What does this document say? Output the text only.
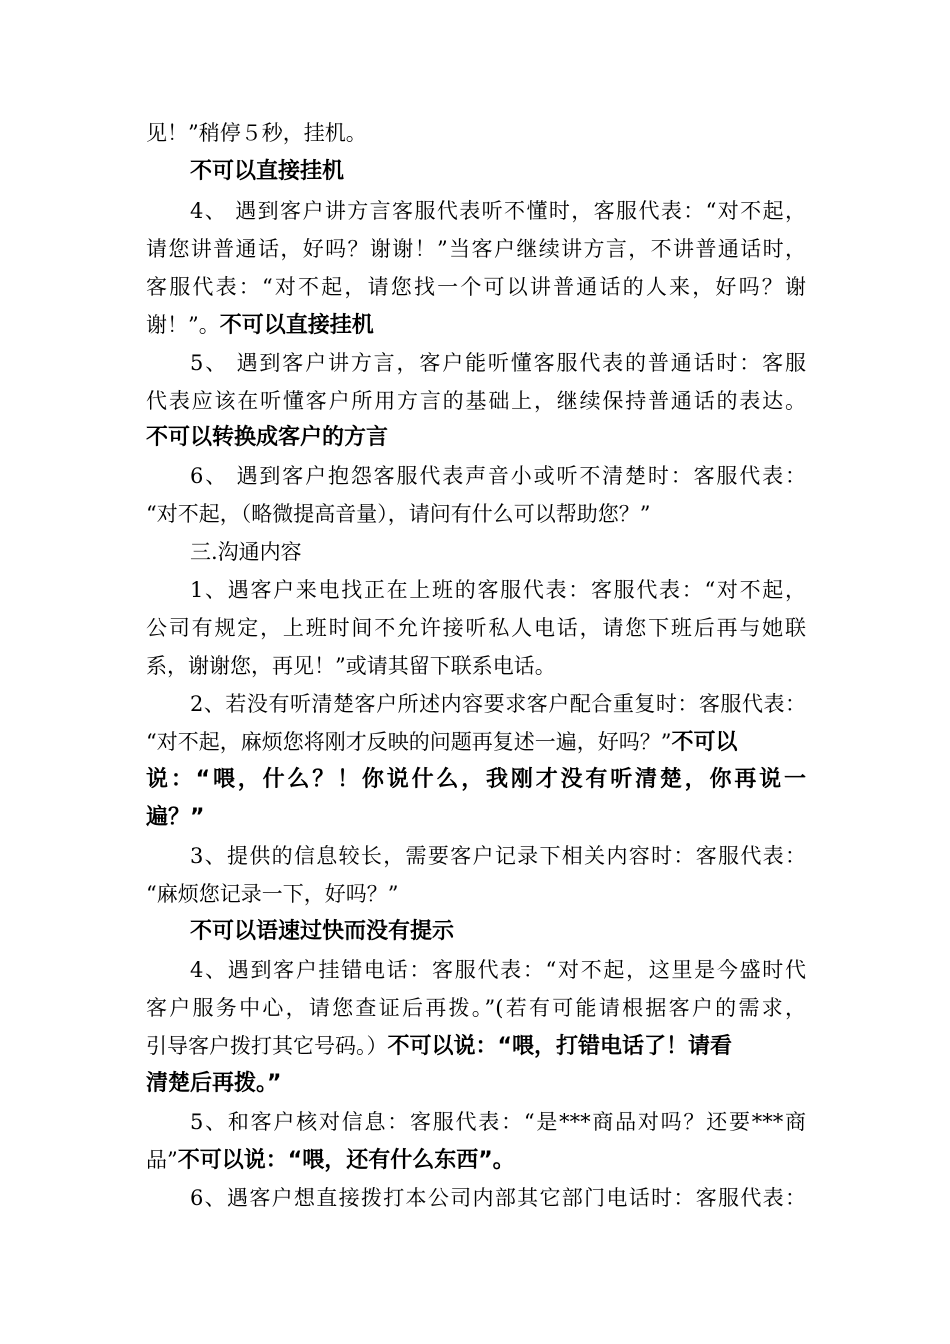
见！”稍停５秒，挂机。
不可以直接挂机
4、 遇到客户讲方言客服代表听不懂时，客服代表：“对不起，
请您讲普通话，好吗？谢谢！”当客户继续讲方言，不讲普通话时，
客服代表：“对不起，请您找一个可以讲普通话的人来，好吗？谢
谢！”。不可以直接挂机
5、 遇到客户讲方言，客户能听懂客服代表的普通话时：客服
代表应该在听懂客户所用方言的基础上，继续保持普通话的表达。
不可以转换成客户的方言
6、 遇到客户抱怨客服代表声音小或听不清楚时：客服代表：
“对不起，（略微提高音量），请问有什么可以帮助您？”
三.沟通内容
1、遇客户来电找正在上班的客服代表：客服代表：“对不起，
公司有规定，上班时间不允许接听私人电话，请您下班后再与她联
系，谢谢您，再见！”或请其留下联系电话。
2、若没有听清楚客户所述内容要求客户配合重复时：客服代表：
“对不起，麻烦您将刚才反映的问题再复述一遍，好吗？”不可以
说：“喂，什么？！你说什么，我刚才没有听清楚，你再说一
遍？”
3、提供的信息较长，需要客户记录下相关内容时：客服代表：
“麻烦您记录一下，好吗？”
不可以语速过快而没有提示
4、遇到客户挂错电话：客服代表：“对不起，这里是今盛时代
客户服务中心，请您查证后再拨。”(若有可能请根据客户的需求，
引导客户拨打其它号码。）不可以说：“喂，打错电话了！请看
清楚后再拨。”
5、和客户核对信息：客服代表：“是***商品对吗？还要***商
品”不可以说：“喂，还有什么东西”。
6、遇客户想直接拨打本公司内部其它部门电话时：客服代表：
